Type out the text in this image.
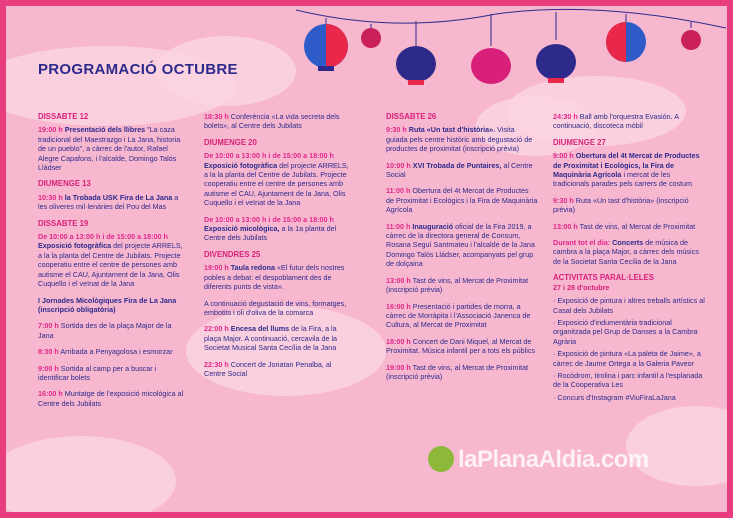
PROGRAMACIÓ OCTUBRE
DISSABTE 12

19:00 h Presentació dels llibres "La caza tradicional del Maestrazgo i La Jana, historia de un pueblo", a càrrec de l'autor, Rafael Alegre Capafons, i l'alcalde, Domingo Talós Lládser

DIUMENGE 13

10:30 h la Trobada USK Fira de La Jana a les oliveres mil·lenàries del Pou del Mas

DISSABTE 19

De 10:00 a 13:00 h i de 15:00 a 18:00 h
Exposició fotogràfica del projecte ARRELS, a la la planta del Centre de Jubilats. Projecte cooperatiu entre el centre de persones amb autisme el CAU, Ajuntament de la Jana, Olis Cuquello i el veïnat de la Jana

I Jornades Micològiques Fira de La Jana (inscripció obligatòria)

7:00 h Sortida des de la plaça Major de la Jana

8:30 h Arribada a Penyagolosa i esmorzar

9:00 h Sortida al camp per a buscar i identificar bolets

16:00 h Muntatge de l'exposició micològica al Centre dels Jubilats

18:30 h Conferència «La vida secreta dels bolets», al Centre dels Jubilats

DIUMENGE 20

De 10:00 a 13:00 h i de 15:00 a 18:00 h
Exposició fotogràfica del projecte ARRELS, a la la planta del Centre de Jubilats. Projecte cooperatiu entre el centre de persones amb autisme el CAU, Ajuntament de la Jana, Olis Cuquello i el veïnat de la Jana

De 10:00 a 13:00 h i de 15:00 a 18:00 h
Exposició micològica, a la 1a planta del Centre dels Jubilats

DIVENDRES 25

19:00 h Taula redona «El futur dels nostres pobles a debat: el despoblament des de diferents punts de vista».

A continuació degustació de vins, formatges, embotits i oli d'oliva de la comarca

22:00 h Encesa del llums de la Fira, a la plaça Major. A continuació, cercavila de la Societat Musical Santa Cecília de la Jana

22:30 h Concert de Jonatan Penalba, al Centre Social

DISSABTE 26

9:30 h Ruta «Un tast d'història». Visita guiada pels centre històric amb degustació de productes de proximitat (inscripció prèvia)

10:00 h XVI Trobada de Puntaires, al Centre Social

11:00 h Obertura del 4t Mercat de Productes de Proximitat i Ecològics i la Fira de Maquinària Agrícola

11:00 h Inauguració oficial de la Fira 2019, a càrrec de la directora general de Consum, Rosana Seguí Santmateu i l'alcalde de la Jana Domingo Talós Lládser, acompanyats pel grup de dolçaina

13:00 h Tast de vins, al Mercat de Proximitat (inscripció prèvia)

16:00 h Presentació i partides de morra, a càrrec de Morràpita i l'Associació Janenca de Cultura, al Mercat de Proximitat

18:00 h Concert de Dani Miquel, al Mercat de Proximitat. Música infantil per a tots els públics

19:00 h Tast de vins, al Mercat de Proximitat (inscripció prèvia)

24:30 h Ball amb l'orquestra Evasión. A continuació, discoteca mòbil

DIUMENGE 27

9:00 h Obertura del 4t Mercat de Productes de Proximitat i Ecològics, la Fira de Maquinària Agrícola i mercat de les tradicionals parades pels carrers de costum

9:30 h Ruta «Un tast d'història» (inscripció prèvia)

13:00 h Tast de vins, al Mercat de Proximitat

Durant tot el dia: Concerts de música de cambra a la plaça Major, a càrrec dels músics de la Societat Santa Cecília de la Jana

ACTIVITATS PARAL·LELES
27 i 28 d'octubre

· Exposició de pintura i altres treballs artístics al Casal dels Jubilats

· Exposició d'indumentària tradicional organitzada pel Grup de Danses a la Cambra Agrària

· Exposició de pintura «La paleta de Jaime», a càrrec de Jaume Ortega a la Galeria Paveor

· Rocòdrom, tirolina i parc infantil a l'esplanada de la Cooperativa Les

· Concurs d'Instagram #ViuFiraLaJana

laPlanaAldia.com
